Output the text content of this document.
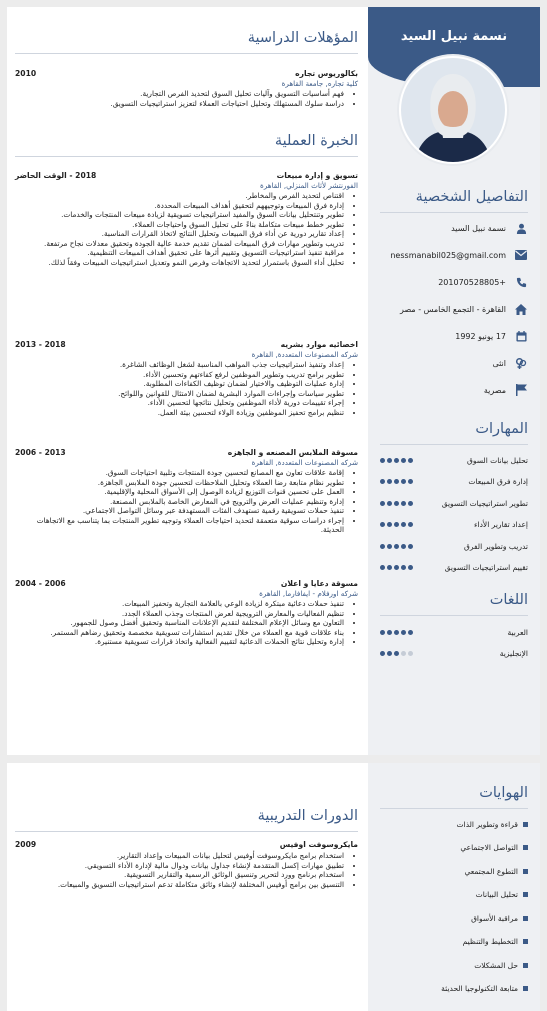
نسمة نبيل السيد
التفاصيل الشخصية
نسمة نبيل السيد
nessmanabil025@gmail.com
201070528805+
القاهرة - التجمع الخامس - مصر
17 يونيو 1992
انثى
مصرية
المهارات
تحليل بيانات السوق
إدارة فرق المبيعات
تطوير استراتيجيات التسويق
إعداد تقارير الأداء
تدريب وتطوير الفرق
تقييم استراتيجيات التسويق
اللغات
العربية
الإنجليزية
المؤهلات الدراسية
بكالوريوس تجاره
2010
كلية تجاره, جامعة القاهرة
• فهم أساسيات التسويق وآليات تحليل السوق لتحديد الفرص التجارية.
• دراسة سلوك المستهلك وتحليل احتياجات العملاء لتعزيز استراتيجيات التسويق.
الخبرة العملية
تسويق و إدارة مبيعات
2018 - الوقت الحاضر
الفورنتشر لأثاث المنزلي, القاهرة
• اقتناص لتحديد الفرص والمخاطر.
• إدارة فرق المبيعات وتوجيههم لتحقيق أهداف المبيعات المحددة.
• تطوير وتنتحليل بيانات السوق والمفيد استراتيجيات تسويقية لزيادة مبيعات المنتجات والخدمات.
• تطوير خطط مبيعات متكاملة بناءً على تحليل السوق واحتياجات العملاء.
• إعداد تقارير دورية عن أداء فرق المبيعات وتحليل النتائج لاتخاذ القرارات المناسبة.
• تدريب وتطوير مهارات فرق المبيعات لضمان تقديم خدمة عالية الجودة وتحقيق معدلات نجاح مرتفعة.
• مراقبة تنفيذ استراتيجيات التسويق وتقييم أثرها على تحقيق أهداف المبيعات التنظيمية.
• تحليل أداء السوق باستمرار لتحديد الاتجاهات وفرص النمو وتعديل استراتيجيات المبيعات وفقاً لذلك.
اخصائيه موارد بشريه
2013 - 2018
شركه المصنوعات المتعددة, القاهرة
• إعداد وتنفيذ استراتيجيات جذب المواهب المناسبة لشغل الوظائف الشاغرة.
• تطوير برامج تدريب وتطوير الموظفين لرفع كفاءتهم وتحسين الأداء.
• إدارة عمليات التوظيف والاختيار لضمان توظيف الكفاءات المطلوبة.
• تطوير سياسات وإجراءات الموارد البشرية لضمان الامتثال للقوانين واللوائح.
• إجراء تقييمات دورية لأداء الموظفين وتحليل نتائجها لتحسين الأداء.
• تنظيم برامج تحفيز الموظفين وزيادة الولاء لتحسين بيئة العمل.
مسوقة الملابس المصنعه و الجاهزه
2006 - 2013
شركه المصنوعات المتعددة, القاهرة
• إقامة علاقات تعاون مع المصانع لتحسين جودة المنتجات وتلبية احتياجات السوق.
• تطوير نظام متابعة رضا العملاء وتحليل الملاحظات لتحسين جودة الملابس الجاهزة.
• العمل على تحسين قنوات التوزيع لزيادة الوصول إلى الأسواق المحلية والإقليمية.
• إدارة وتنظيم عمليات العرض والترويج في المعارض الخاصة بالملابس المصنعة.
• تنفيذ حملات تسويقية رقمية تستهدف الفئات المستهدفة عبر وسائل التواصل الاجتماعي.
• إجراء دراسات سوقية متعمقة لتحديد احتياجات العملاء وتوجيه تطوير المنتجات بما يتناسب مع الاتجاهات الحديثة.
مسوقة دعايا و اعلان
2004 - 2006
شركه اورفلام - ايفافارما, القاهرة
• تنفيذ حملات دعائية مبتكرة لزيادة الوعي بالعلامة التجارية وتحفيز المبيعات.
• تنظيم الفعاليات والمعارض الترويجية لعرض المنتجات وجذب العملاء الجدد.
• التعاون مع وسائل الإعلام المختلفة لتقديم الإعلانات المناسبة وتحقيق أفضل وصول للجمهور.
• بناء علاقات قوية مع العملاء من خلال تقديم استشارات تسويقية مخصصة وتحقيق رضاهم المستمر.
• إدارة وتحليل نتائج الحملات الدعائية لتقييم الفعالية واتخاذ قرارات تسويقية مستنيرة.
الهوايات
قراءة وتطوير الذات
التواصل الاجتماعي
التطوع المجتمعي
تحليل البيانات
مراقبة الأسواق
التخطيط والتنظيم
حل المشكلات
متابعة التكنولوجيا الحديثة
الدورات التدريبية
مايكروسوفت اوفيس
2009
• استخدام برامج مايكروسوفت أوفيس لتحليل بيانات المبيعات وإعداد التقارير.
• تطبيق مهارات إكسل المتقدمة لإنشاء جداول بيانات ودوال مالية لإدارة الأداء التسويقي.
• استخدام برنامج وورد لتحرير وتنسيق الوثائق الرسمية والتقارير التسويقية.
• التنسيق بين برامج أوفيس المختلفة لإنشاء وثائق متكاملة تدعم استراتيجيات التسويق والمبيعات.
